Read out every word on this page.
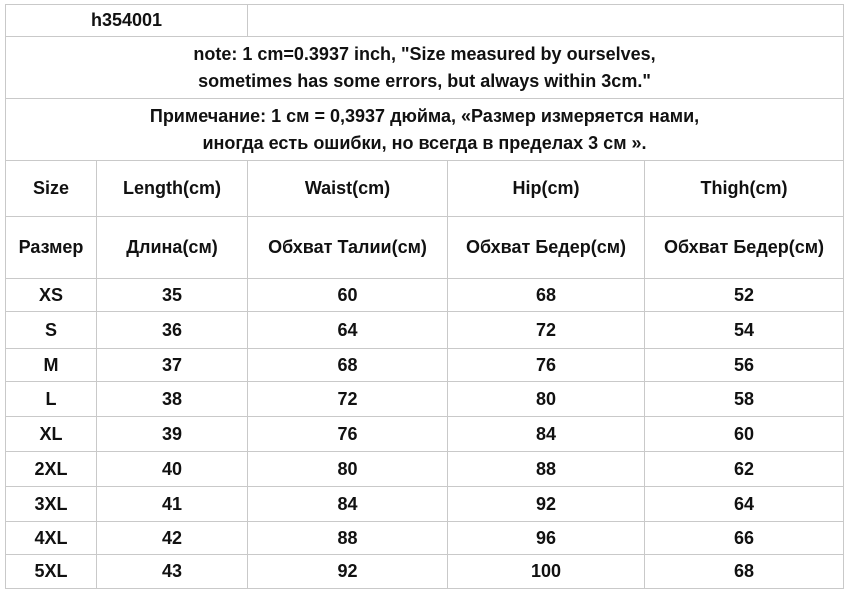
h354001				

note: 1 cm=0.3937 inch, "Size measured by ourselves,
sometimes has some errors, but always within 3cm."				

Примечание: 1 см = 0,3937 дюйма, «Размер измеряется нами,
иногда есть ошибки, но всегда в пределах 3 см ».				

Size	Length(cm)	Waist(cm)	Hip(cm)	Thigh(cm)
Размер	Длина(см)	Обхват Талии(см)	Обхват Бедер(см)	Обхват Бедер(см)
XS	35	60	68	52
S	36	64	72	54
M	37	68	76	56
L	38	72	80	58
XL	39	76	84	60
2XL	40	80	88	62
3XL	41	84	92	64
4XL	42	88	96	66
5XL	43	92	100	68
